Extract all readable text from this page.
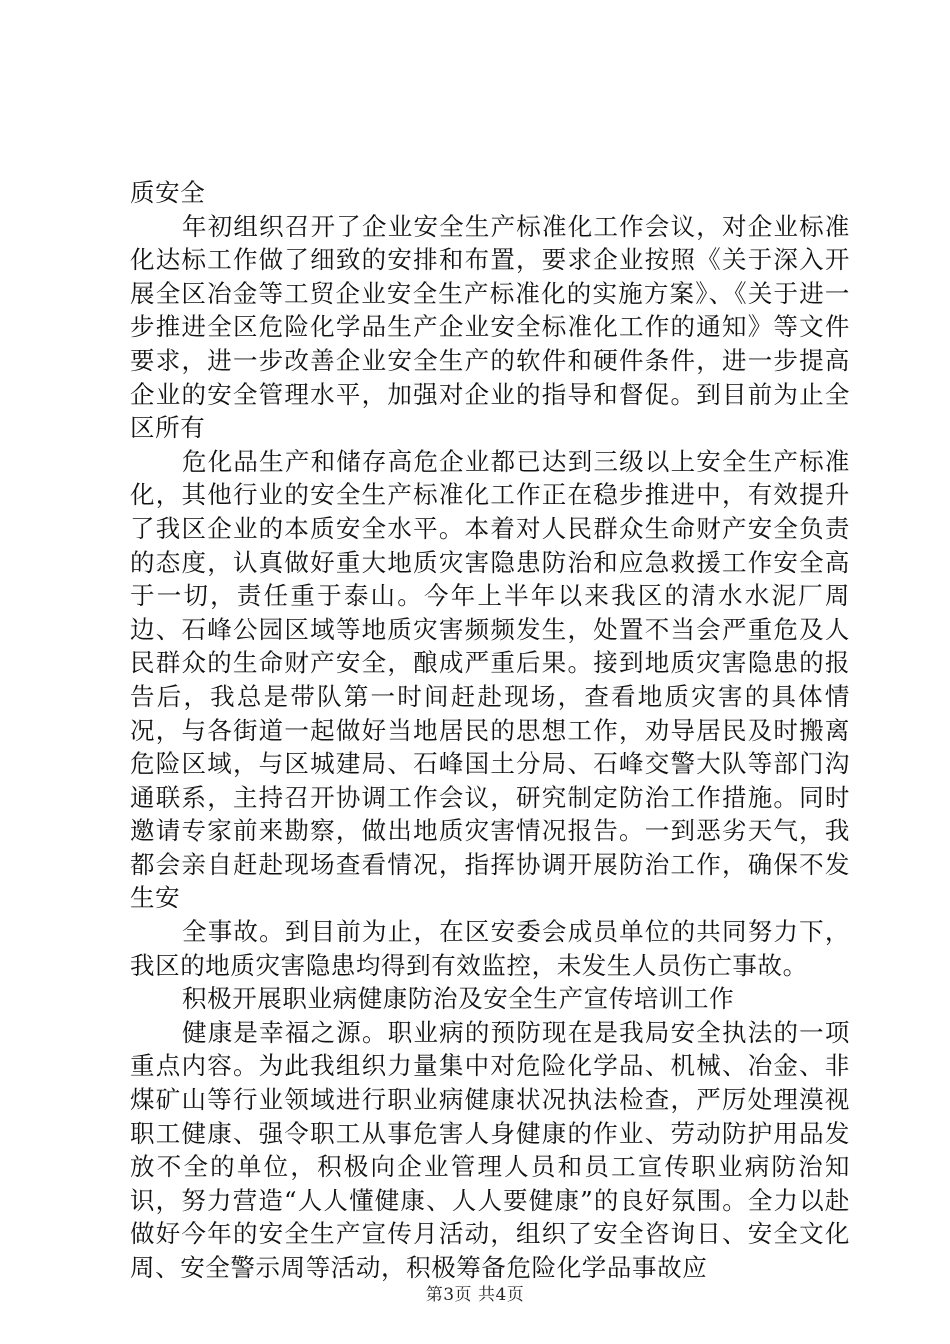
质安全

年初组织召开了企业安全生产标准化工作会议，对企业标准化达标工作做了细致的安排和布置，要求企业按照《关于深入开展全区冶金等工贸企业安全生产标准化的实施方案》、《关于进一步推进全区危险化学品生产企业安全标准化工作的通知》等文件要求，进一步改善企业安全生产的软件和硬件条件，进一步提高企业的安全管理水平，加强对企业的指导和督促。到目前为止全区所有

危化品生产和储存高危企业都已达到三级以上安全生产标准化，其他行业的安全生产标准化工作正在稳步推进中，有效提升了我区企业的本质安全水平。本着对人民群众生命财产安全负责的态度，认真做好重大地质灾害隐患防治和应急救援工作安全高于一切，责任重于泰山。今年上半年以来我区的清水水泥厂周边、石峰公园区域等地质灾害频频发生，处置不当会严重危及人民群众的生命财产安全，酿成严重后果。接到地质灾害隐患的报告后，我总是带队第一时间赶赴现场，查看地质灾害的具体情况，与各街道一起做好当地居民的思想工作，劝导居民及时搬离危险区域，与区城建局、石峰国土分局、石峰交警大队等部门沟通联系，主持召开协调工作会议，研究制定防治工作措施。同时邀请专家前来勘察，做出地质灾害情况报告。一到恶劣天气，我都会亲自赶赴现场查看情况，指挥协调开展防治工作，确保不发生安

全事故。到目前为止，在区安委会成员单位的共同努力下，我区的地质灾害隐患均得到有效监控，未发生人员伤亡事故。

积极开展职业病健康防治及安全生产宣传培训工作

健康是幸福之源。职业病的预防现在是我局安全执法的一项重点内容。为此我组织力量集中对危险化学品、机械、冶金、非煤矿山等行业领域进行职业病健康状况执法检查，严厉处理漠视职工健康、强令职工从事危害人身健康的作业、劳动防护用品发放不全的单位，积极向企业管理人员和员工宣传职业病防治知识，努力营造“人人懂健康、人人要健康”的良好氛围。全力以赴做好今年的安全生产宣传月活动，组织了安全咨询日、安全文化周、安全警示周等活动，积极筹备危险化学品事故应

第3页 共4页
